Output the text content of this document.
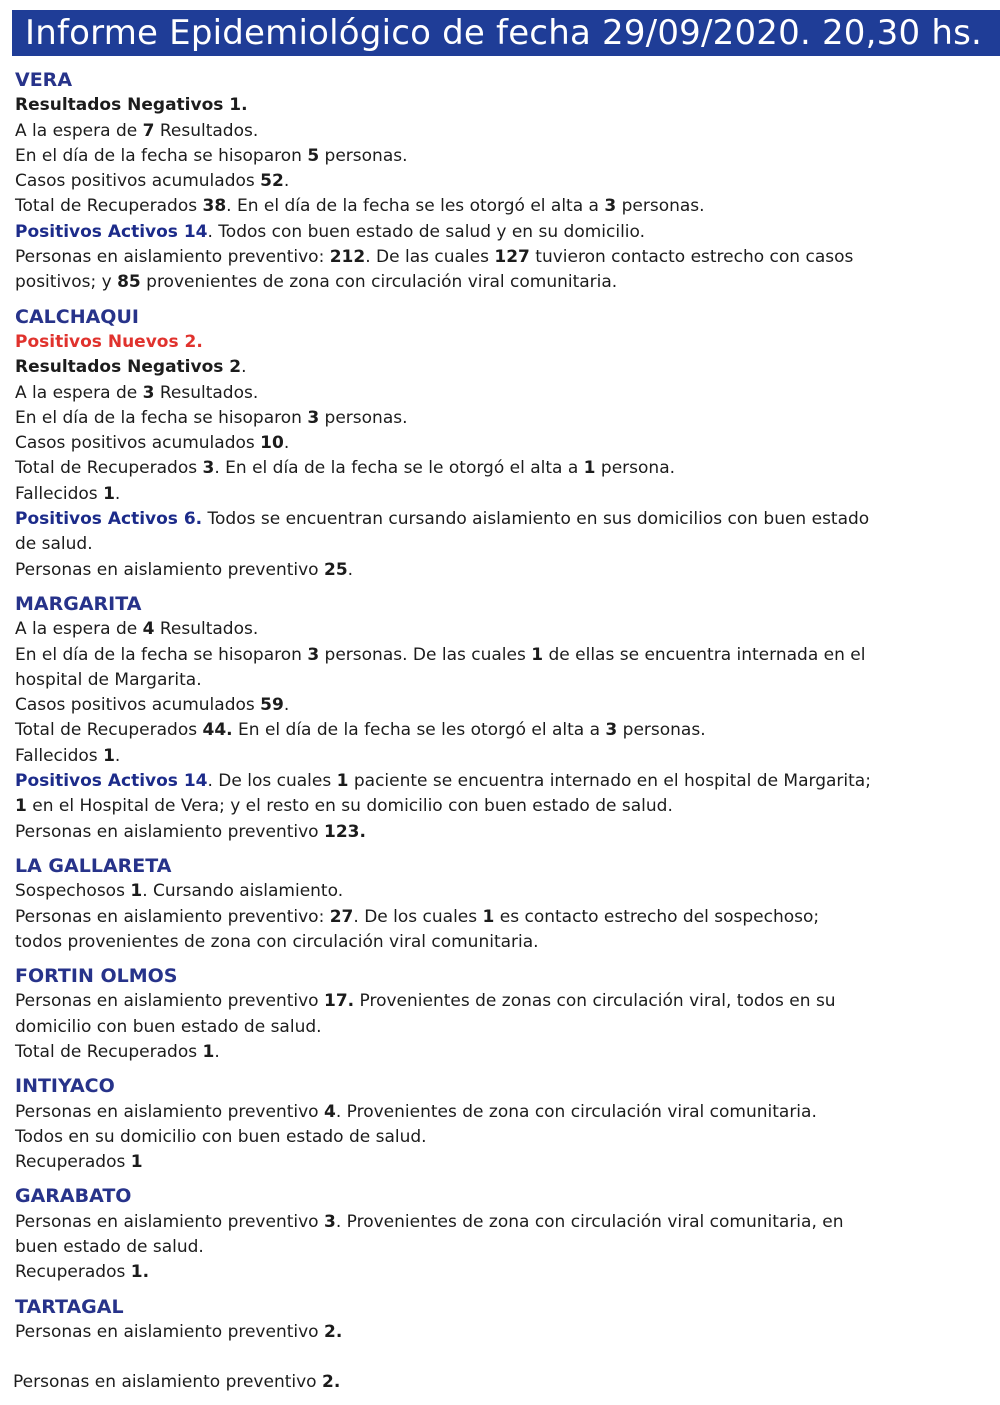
Informe Epidemiológico de fecha 29/09/2020. 20,30 hs.
VERA
Resultados Negativos 1.
A la espera de 7 Resultados.
En el día de la fecha se hisoparon 5 personas.
Casos positivos acumulados 52.
Total de Recuperados 38. En el día de la fecha se les otorgó el alta a 3 personas.
Positivos Activos 14. Todos con buen estado de salud y en su domicilio.
Personas en aislamiento preventivo: 212. De las cuales 127 tuvieron contacto estrecho con casos
positivos; y 85 provenientes de zona con circulación viral comunitaria.
CALCHAQUI
Positivos Nuevos 2.
Resultados Negativos 2.
A la espera de 3 Resultados.
En el día de la fecha se hisoparon 3 personas.
Casos positivos acumulados 10.
Total de Recuperados 3. En el día de la fecha se le otorgó el alta a 1 persona.
Fallecidos 1.
Positivos Activos 6. Todos se encuentran cursando aislamiento en sus domicilios con buen estado
de salud.
Personas en aislamiento preventivo 25.
MARGARITA
A la espera de 4 Resultados.
En el día de la fecha se hisoparon 3 personas. De las cuales 1 de ellas se encuentra internada en el
hospital de Margarita.
Casos positivos acumulados 59.
Total de Recuperados 44. En el día de la fecha se les otorgó el alta a 3 personas.
Fallecidos 1.
Positivos Activos 14. De los cuales 1 paciente se encuentra internado en el hospital de Margarita;
1 en el Hospital de Vera; y el resto en su domicilio con buen estado de salud.
Personas en aislamiento preventivo 123.
LA GALLARETA
Sospechosos 1. Cursando aislamiento.
Personas en aislamiento preventivo: 27. De los cuales 1 es contacto estrecho del sospechoso;
todos provenientes de zona con circulación viral comunitaria.
FORTIN OLMOS
Personas en aislamiento preventivo 17. Provenientes de zonas con circulación viral, todos en su
domicilio con buen estado de salud.
Total de Recuperados 1.
INTIYACO
Personas en aislamiento preventivo 4. Provenientes de zona con circulación viral comunitaria.
Todos en su domicilio con buen estado de salud.
Recuperados 1
GARABATO
Personas en aislamiento preventivo 3. Provenientes de zona con circulación viral comunitaria, en
buen estado de salud.
Recuperados 1.
TARTAGAL
Personas en aislamiento preventivo 2.
Personas en aislamiento preventivo 2.
